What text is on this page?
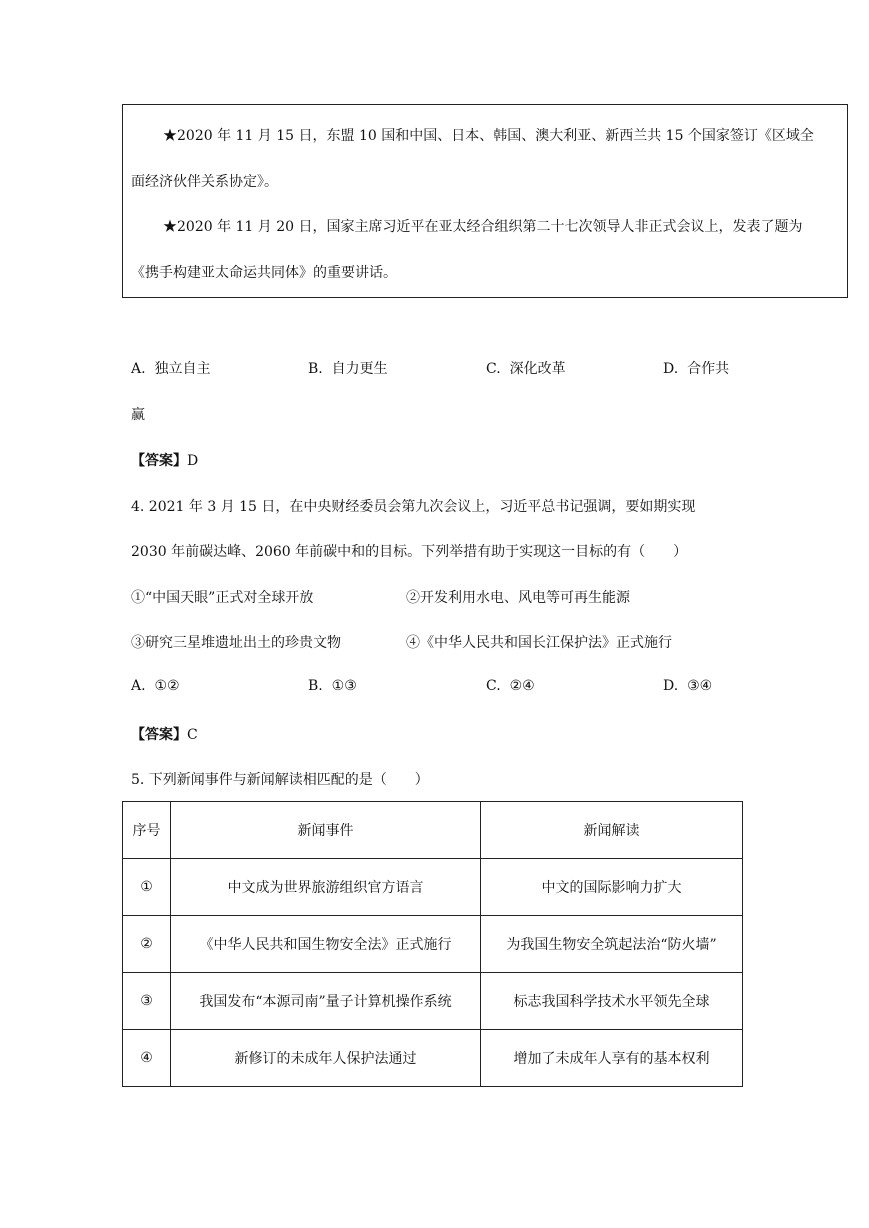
★2020 年 11 月 15 日，东盟 10 国和中国、日本、韩国、澳大利亚、新西兰共 15 个国家签订《区域全
面经济伙伴关系协定》。
★2020 年 11 月 20 日，国家主席习近平在亚太经合组织第二十七次领导人非正式会议上，发表了题为
《携手构建亚太命运共同体》的重要讲话。
A. 独立自主	B. 自力更生	C. 深化改革	D. 合作共
赢
【答案】D
4. 2021 年 3 月 15 日，在中央财经委员会第九次会议上，习近平总书记强调，要如期实现
2030 年前碳达峰、2060 年前碳中和的目标。下列举措有助于实现这一目标的有（　　）
①“中国天眼”正式对全球开放	②开发利用水电、风电等可再生能源
③研究三星堆遗址出土的珍贵文物	④《中华人民共和国长江保护法》正式施行
A. ①②	B. ①③	C. ②④	D. ③④
【答案】C
5. 下列新闻事件与新闻解读相匹配的是（　　）
序号	新闻事件	新闻解读
①	中文成为世界旅游组织官方语言	中文的国际影响力扩大
②	《中华人民共和国生物安全法》正式施行	为我国生物安全筑起法治“防火墙”
③	我国发布“本源司南”量子计算机操作系统	标志我国科学技术水平领先全球
④	新修订的未成年人保护法通过	增加了未成年人享有的基本权利
